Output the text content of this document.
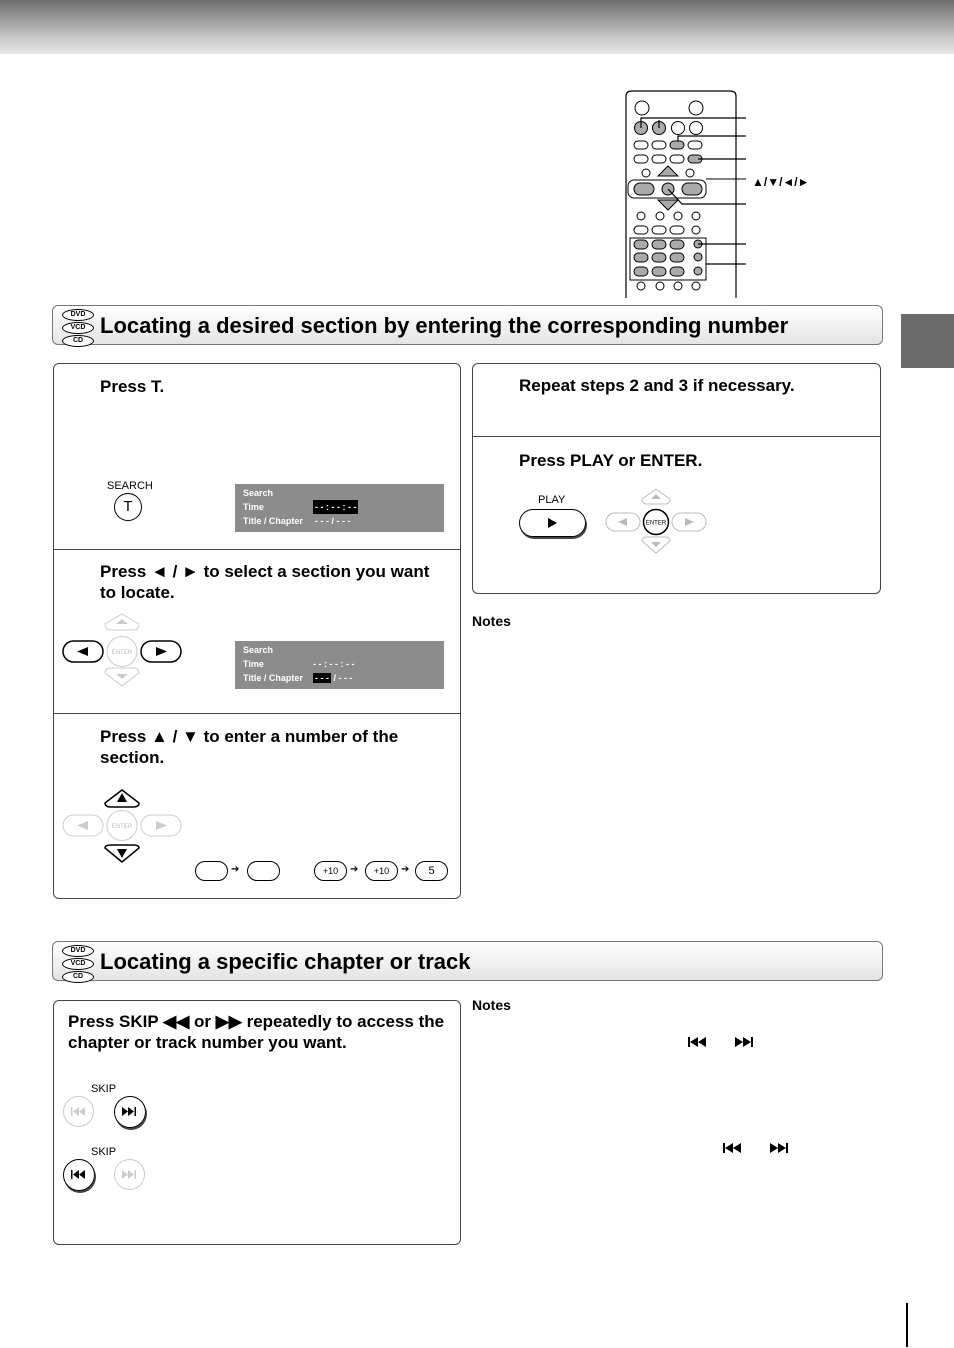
▲/▼/◄/►
DVD
VCD
CD
Locating a desired section by entering the corresponding number
Press T.
SEARCH
T
Search
Time	- - : - - : - -
Title / Chapter - - - / - - -
Press ◄ / ► to select a section you want to locate.
ENTER	Search
Time	- - : - - : - -
Title / Chapter - - - / - - -
Press ▲ / ▼ to enter a number of the section.
ENTER
➔	+10	➔	+10	➔	5
Repeat steps 2 and 3 if necessary.
Press PLAY or ENTER.
PLAY
ENTER
Notes
DVD
VCD
CD
Locating a specific chapter or track
Press SKIP ◀◀ or ▶▶ repeatedly to access the chapter or track number you want.
SKIP
SKIP
Notes
